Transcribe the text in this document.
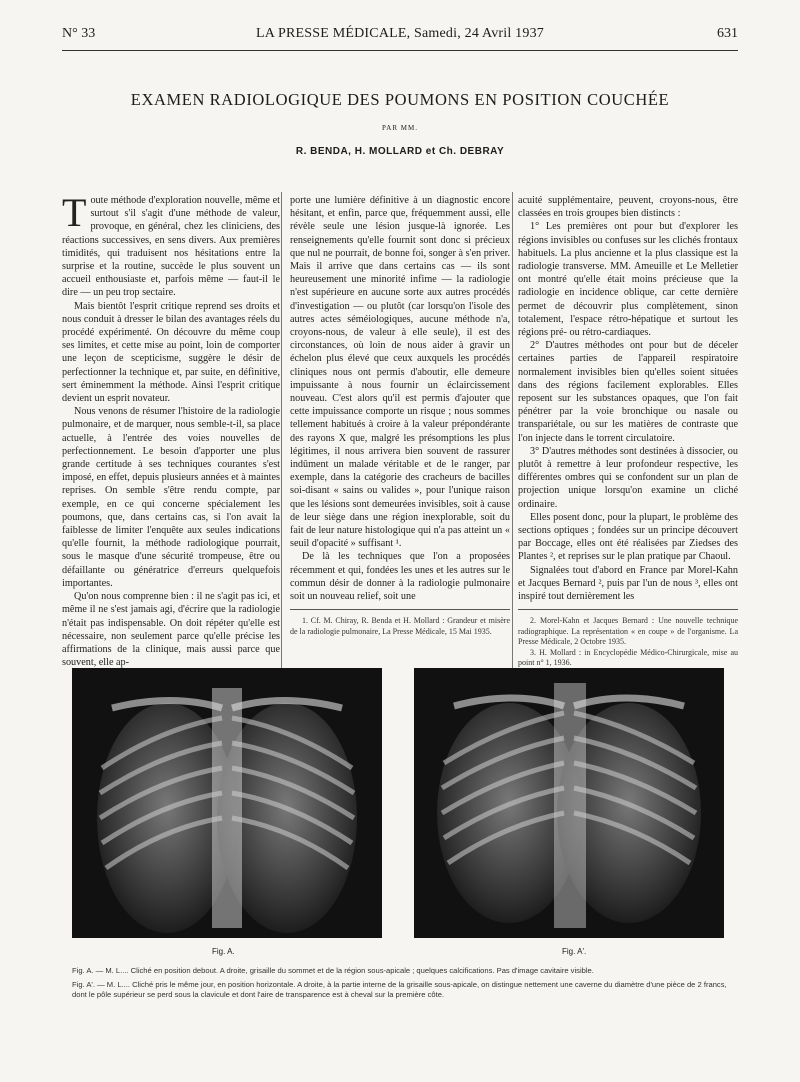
N° 33	LA PRESSE MÉDICALE, Samedi, 24 Avril 1937	631
EXAMEN RADIOLOGIQUE DES POUMONS EN POSITION COUCHÉE
PAR MM.
R. BENDA, H. MOLLARD et Ch. DEBRAY

Toute méthode d'exploration nouvelle, même et surtout s'il s'agit d'une méthode de valeur, provoque, en général, chez les cliniciens, des réactions successives, en sens divers. Aux premières timidités, qui traduisent nos hésitations entre la surprise et la routine, succède le plus souvent un accueil enthousiaste et, parfois même — faut-il le dire — un peu trop sectaire.

Mais bientôt l'esprit critique reprend ses droits et nous conduit à dresser le bilan des avantages réels du procédé expérimenté. On découvre du même coup ses limites, et cette mise au point, loin de comporter une leçon de scepticisme, suggère le désir de perfectionner la technique et, par suite, en définitive, sert éminemment la méthode. Ainsi l'esprit critique devient un esprit novateur.

Nous venons de résumer l'histoire de la radiologie pulmonaire, et de marquer, nous semble-t-il, sa place actuelle, à l'entrée des voies nouvelles de perfectionnement. Le besoin d'apporter une plus grande certitude à ses techniques courantes s'est imposé, en effet, depuis plusieurs années et à maintes reprises. On semble s'être rendu compte, par exemple, en ce qui concerne spécialement les poumons, que, dans certains cas, si l'on avait la faiblesse de limiter l'enquête aux seules indications qu'elle fournit, la méthode radiologique pourrait, sous le masque d'une sécurité trompeuse, être ou défaillante ou génératrice d'erreurs quelquefois importantes.

Qu'on nous comprenne bien : il ne s'agit pas ici, et même il ne s'est jamais agi, d'écrire que la radiologie n'était pas indispensable. On doit répéter qu'elle est nécessaire, non seulement parce qu'elle précise les affirmations de la clinique, mais aussi parce que souvent, elle ap-

porte une lumière définitive à un diagnostic encore hésitant, et enfin, parce que, fréquemment aussi, elle révèle seule une lésion jusque-là ignorée. Les renseignements qu'elle fournit sont donc si précieux que nul ne pourrait, de bonne foi, songer à s'en priver. Mais il arrive que dans certains cas — ils sont heureusement une minorité infime — la radiologie n'est supérieure en aucune sorte aux autres procédés d'investigation — ou plutôt (car lorsqu'on l'isole des autres actes séméiologiques, aucune méthode n'a, croyons-nous, de valeur à elle seule), il est des circonstances, où loin de nous aider à gravir un échelon plus élevé que ceux auxquels les procédés cliniques nous ont permis d'aboutir, elle demeure impuissante à nous fournir un éclaircissement nouveau. C'est alors qu'il est permis d'ajouter que cette impuissance comporte un risque ; nous sommes tellement habitués à croire à la valeur prépondérante des rayons X que, malgré les présomptions les plus légitimes, il nous arrivera bien souvent de rassurer indûment un malade véritable et de le ranger, par exemple, dans la catégorie des cracheurs de bacilles soi-disant « sains ou valides », pour l'unique raison que les lésions sont demeurées invisibles, soit à cause de leur siège dans une région inexplorable, soit du fait de leur nature histologique qui n'a pas atteint un « seuil d'opacité » suffisant ¹.

De là les techniques que l'on a proposées récemment et qui, fondées les unes et les autres sur le commun désir de donner à la radiologie pulmonaire soit un nouveau relief, soit une

1. Cf. M. Chiray, R. Benda et H. Mollard : Grandeur et misère de la radiologie pulmonaire, La Presse Médicale, 15 Mai 1935.

acuité supplémentaire, peuvent, croyons-nous, être classées en trois groupes bien distincts :

1° Les premières ont pour but d'explorer les régions invisibles ou confuses sur les clichés frontaux habituels. La plus ancienne et la plus classique est la radiologie transverse. MM. Ameuille et Le Melletier ont montré qu'elle était moins précieuse que la radiologie en incidence oblique, car cette dernière permet de découvrir plus complètement, sinon totalement, l'espace rétro-hépatique et surtout les régions pré- ou rétro-cardiaques.

2° D'autres méthodes ont pour but de déceler certaines parties de l'appareil respiratoire normalement invisibles bien qu'elles soient situées dans des régions facilement explorables. Elles reposent sur les substances opaques, que l'on fait pénétrer par la voie bronchique ou nasale ou transpariétale, ou sur les matières de contraste que l'on injecte dans le torrent circulatoire.

3° D'autres méthodes sont destinées à dissocier, ou plutôt à remettre à leur profondeur respective, les différentes ombres qui se confondent sur un plan de projection unique lorsqu'on examine un cliché ordinaire.

Elles posent donc, pour la plupart, le problème des sections optiques ; fondées sur un principe découvert par Boccage, elles ont été réalisées par Ziedses des Plantes ², et reprises sur le plan pratique par Chaoul.

Signalées tout d'abord en France par Morel-Kahn et Jacques Bernard ², puis par l'un de nous ³, elles ont inspiré tout dernièrement les

2. Morel-Kahn et Jacques Bernard : Une nouvelle technique radiographique. La représentation « en coupe » de l'organisme. La Presse Médicale, 2 Octobre 1935.

3. H. Mollard : in Encyclopédie Médico-Chirurgicale, mise au point n° 1, 1936.

Fig. A.	Fig. A'.
Fig. A. — M. L.... Cliché en position debout. A droite, grisaille du sommet et de la région sous-apicale ; quelques calcifications. Pas d'image cavitaire visible.
Fig. A'. — M. L.... Cliché pris le même jour, en position horizontale. A droite, à la partie interne de la grisaille sous-apicale, on distingue nettement une caverne du diamètre d'une pièce de 2 francs, dont le pôle supérieur se perd sous la clavicule et dont l'aire de transparence est à cheval sur la première côte.
